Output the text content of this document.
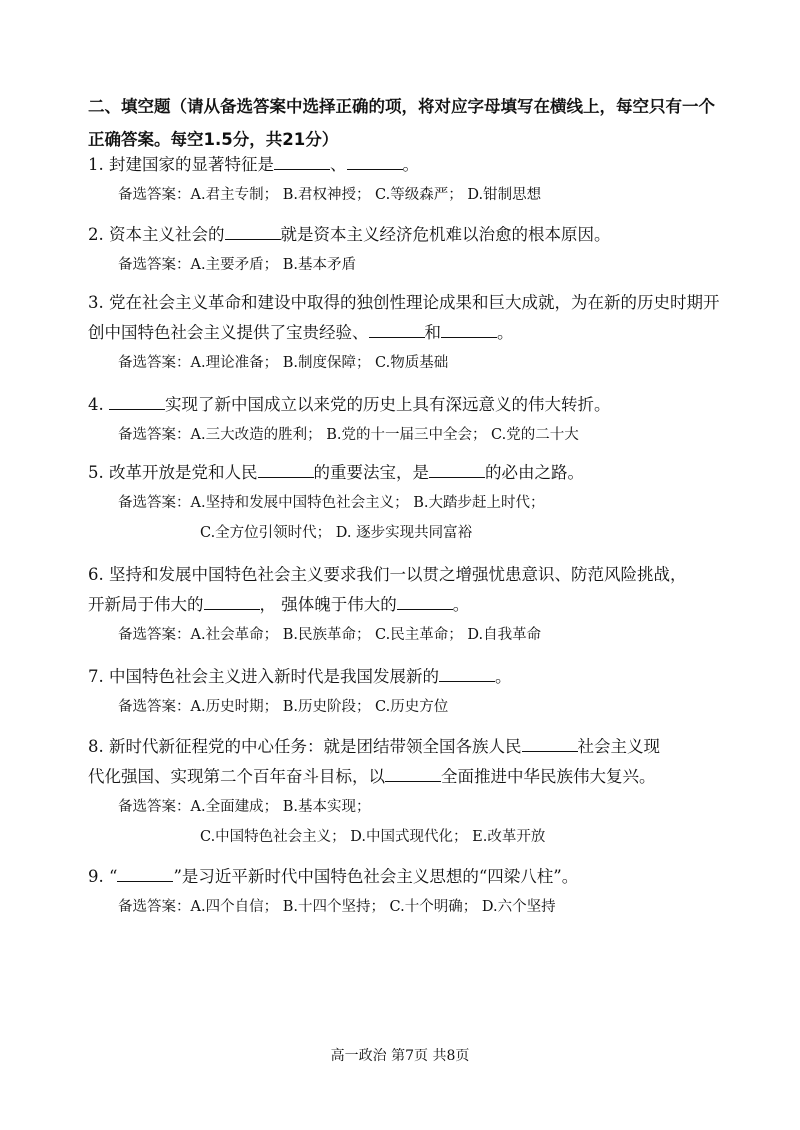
二、填空题（请从备选答案中选择正确的项，将对应字母填写在横线上，每空只有一个
正确答案。每空1.5分，共21分）
1. 封建国家的显著特征是	、	。
备选答案：A.君主专制； B.君权神授； C.等级森严； D.钳制思想
2. 资本主义社会的	就是资本主义经济危机难以治愈的根本原因。
备选答案：A.主要矛盾； B.基本矛盾
3. 党在社会主义革命和建设中取得的独创性理论成果和巨大成就，为在新的历史时期开
创中国特色社会主义提供了宝贵经验、	和	。
备选答案：A.理论准备； B.制度保障； C.物质基础
4.	实现了新中国成立以来党的历史上具有深远意义的伟大转折。
备选答案：A.三大改造的胜利； B.党的十一届三中全会； C.党的二十大
5. 改革开放是党和人民	的重要法宝，是	的必由之路。
备选答案：A.坚持和发展中国特色社会主义； B.大踏步赶上时代；
C.全方位引领时代； D. 逐步实现共同富裕
6. 坚持和发展中国特色社会主义要求我们一以贯之增强忧患意识、防范风险挑战，
开新局于伟大的	， 强体魄于伟大的	。
备选答案：A.社会革命； B.民族革命； C.民主革命； D.自我革命
7. 中国特色社会主义进入新时代是我国发展新的	。
备选答案：A.历史时期； B.历史阶段； C.历史方位
8. 新时代新征程党的中心任务：就是团结带领全国各族人民	社会主义现
代化强国、实现第二个百年奋斗目标，以	全面推进中华民族伟大复兴。
备选答案：A.全面建成； B.基本实现；
C.中国特色社会主义； D.中国式现代化； E.改革开放
9. “	”是习近平新时代中国特色社会主义思想的“四梁八柱”。
备选答案：A.四个自信； B.十四个坚持； C.十个明确； D.六个坚持
高一政治 第7页 共8页
